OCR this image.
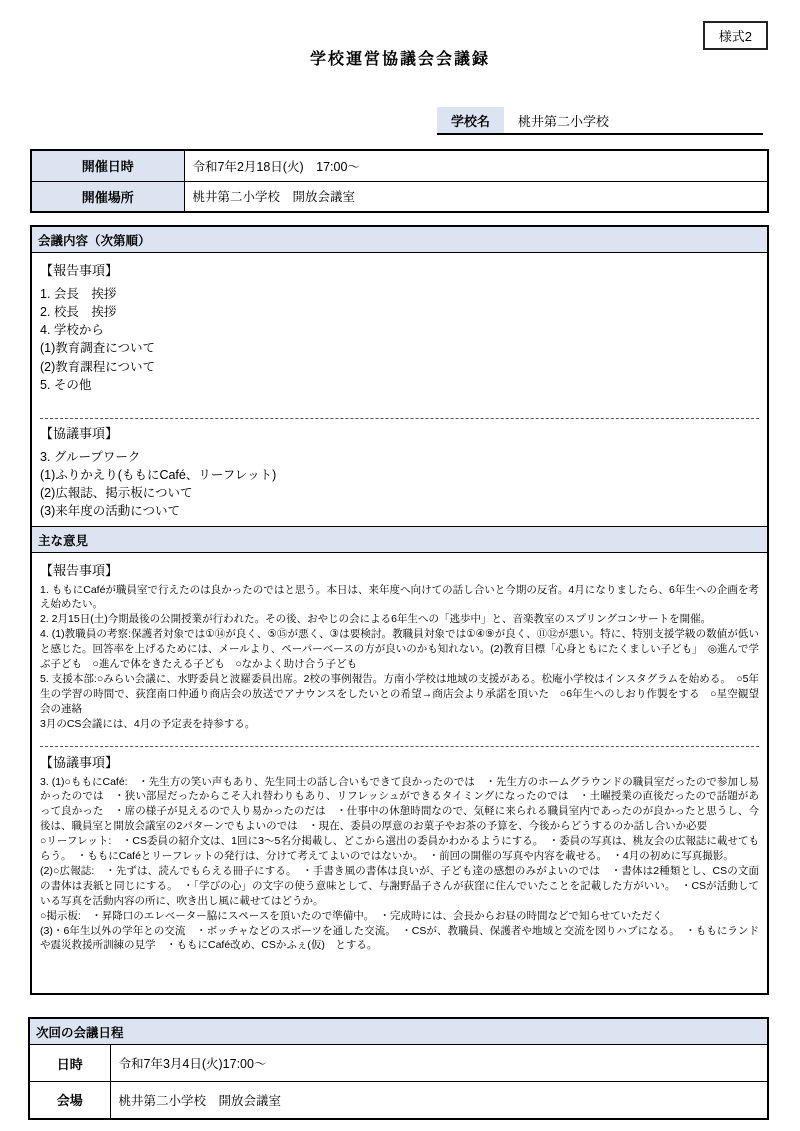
様式2
学校運営協議会会議録
学校名	桃井第二小学校
開催日時	令和7年2月18日(火)　17:00～
開催場所	桃井第二小学校　開放会議室
会議内容（次第順）

【報告事項】
1. 会長　挨拶
2. 校長　挨拶
4. 学校から
(1)教育調査について
(2)教育課程について
5. その他
【協議事項】
3. グループワーク
(1)ふりかえり(ももにCafé、リーフレット)
(2)広報誌、掲示板について
(3)来年度の活動について

主な意見

【報告事項】
1. ももにCaféが職員室で行えたのは良かったのではと思う。本日は、来年度へ向けての話し合いと今期の反省。4月になりましたら、6年生への企画を考え始めたい。
2. 2月15日(土)今期最後の公開授業が行われた。その後、おやじの会による6年生への「逃歩中」と、音楽教室のスプリングコンサートを開催。
4. (1)教職員の考察:保護者対象では①⑭が良く、⑤⑮が悪く、③は要検討。教職員対象では①④⑨が良く、⑪⑫が悪い。特に、特別支援学級の数値が低いと感じた。回答率を上げるためには、メールより、ペーパーベースの方が良いのかも知れない。(2)教育目標「心身ともにたくましい子ども」　◎進んで学ぶ子ども　○進んで体をきたえる子ども　○なかよく助け合う子ども
5. 支援本部:○みらい会議に、水野委員と波羅委員出席。2校の事例報告。方南小学校は地域の支援がある。松庵小学校はインスタグラムを始める。　○5年生の学習の時間で、荻窪南口仲通り商店会の放送でアナウンスをしたいとの希望→商店会より承諾を頂いた　○6年生へのしおり作製をする　○星空観望会の連絡
3月のCS会議には、4月の予定表を持参する。
【協議事項】
3. (1)○ももにCafé:　・先生方の笑い声もあり、先生同士の話し合いもできて良かったのでは　・先生方のホームグラウンドの職員室だったので参加し易かったのでは　・狭い部屋だったからこそ入れ替わりもあり、リフレッシュができるタイミングになったのでは　・土曜授業の直後だったので話題があって良かった　・席の様子が見えるので入り易かったのだは　・仕事中の休憩時間なので、気軽に来られる職員室内であったのが良かったと思うし、今後は、職員室と開放会議室の2パターンでもよいのでは　・現在、委員の厚意のお菓子やお茶の予算を、今後からどうするのか話し合いか必要
○リーフレット:　・CS委員の紹介文は、1回に3～5名分掲載し、どこから選出の委員かわかるようにする。　・委員の写真は、桃友会の広報誌に載せてもらう。　・ももにCaféとリーフレットの発行は、分けて考えてよいのではないか。　・前回の開催の写真や内容を載せる。　・4月の初めに写真撮影。
(2)○広報誌:　・先ずは、読んでもらえる冊子にする。　・手書き風の書体は良いが、子ども達の感想のみがよいのでは　・書体は2種類とし、CSの文面の書体は表紙と同じにする。　・「学びの心」の文字の使う意味として、与謝野晶子さんが荻窪に住んでいたことを記載した方がいい。　・CSが活動している写真を活動内容の所に、吹き出し風に載せてはどうか。
○掲示板:　・昇降口のエレベーター脇にスペースを頂いたので準備中。　・完成時には、会長からお昼の時間などで知らせていただく
(3)・6年生以外の学年との交流　・ボッチャなどのスポーツを通した交流。　・CSが、教職員、保護者や地域と交流を図りハブになる。　・ももにランドや震災救援所訓練の見学　・ももにCafé改め、CSかふぇ(仮)　とする。
次回の会議日程	
日時	令和7年3月4日(火)17:00～
会場	桃井第二小学校　開放会議室
